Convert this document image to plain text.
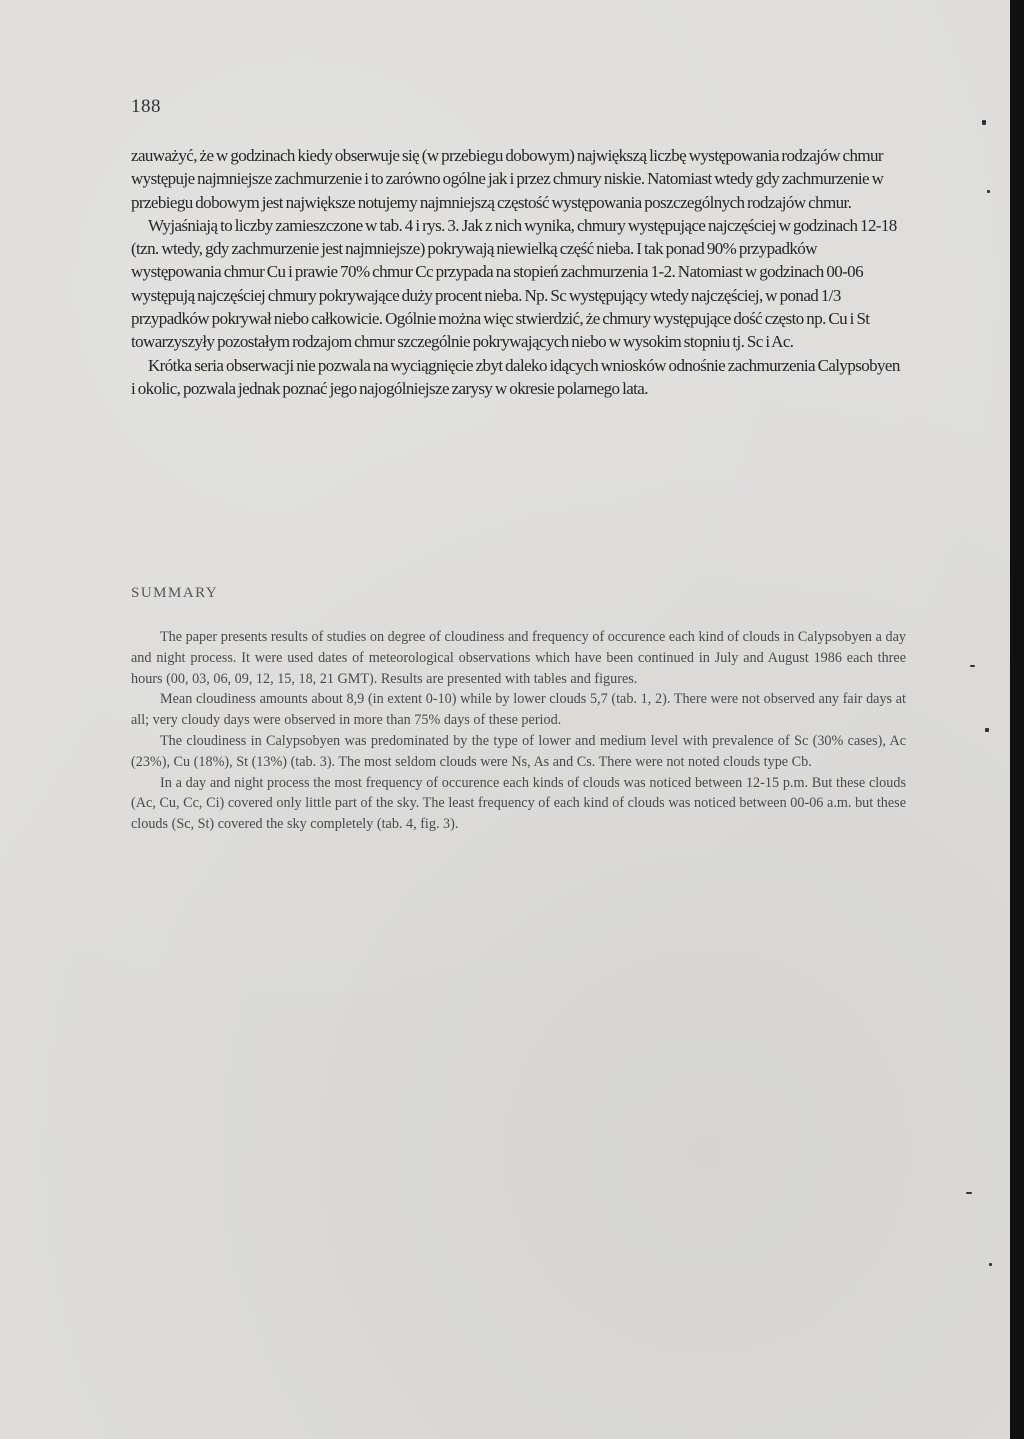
188

zauważyć, że w godzinach kiedy obserwuje się (w przebiegu dobowym) największą liczbę występowania rodzajów chmur występuje najmniejsze zachmurzenie i to zarówno ogólne jak i przez chmury niskie. Natomiast wtedy gdy zachmurzenie w przebiegu dobowym jest największe notujemy najmniejszą częstość występowania poszczególnych rodzajów chmur.

Wyjaśniają to liczby zamieszczone w tab. 4 i rys. 3. Jak z nich wynika, chmury występujące najczęściej w godzinach 12-18 (tzn. wtedy, gdy zachmurzenie jest najmniejsze) pokrywają niewielką część nieba. I tak ponad 90% przypadków występowania chmur Cu i prawie 70% chmur Cc przypada na stopień zachmurzenia 1-2. Natomiast w godzinach 00-06 występują najczęściej chmury pokrywające duży procent nieba. Np. Sc występujący wtedy najczęściej, w ponad 1/3 przypadków pokrywał niebo całkowicie. Ogólnie można więc stwierdzić, że chmury występujące dość często np. Cu i St towarzyszyły pozostałym rodzajom chmur szczególnie pokrywających niebo w wysokim stopniu tj. Sc i Ac.

Krótka seria obserwacji nie pozwala na wyciągnięcie zbyt daleko idących wniosków odnośnie zachmurzenia Calypsobyen i okolic, pozwala jednak poznać jego najogólniejsze zarysy w okresie polarnego lata.

SUMMARY

The paper presents results of studies on degree of cloudiness and frequency of occurence each kind of clouds in Calypsobyen a day and night process. It were used dates of meteorological observations which have been continued in July and August 1986 each three hours (00, 03, 06, 09, 12, 15, 18, 21 GMT). Results are presented with tables and figures.

Mean cloudiness amounts about 8,9 (in extent 0-10) while by lower clouds 5,7 (tab. 1, 2). There were not observed any fair days at all; very cloudy days were observed in more than 75% days of these period.

The cloudiness in Calypsobyen was predominated by the type of lower and medium level with prevalence of Sc (30% cases), Ac (23%), Cu (18%), St (13%) (tab. 3). The most seldom clouds were Ns, As and Cs. There were not noted clouds type Cb.

In a day and night process the most frequency of occurence each kinds of clouds was noticed between 12-15 p.m. But these clouds (Ac, Cu, Cc, Ci) covered only little part of the sky. The least frequency of each kind of clouds was noticed between 00-06 a.m. but these clouds (Sc, St) covered the sky completely (tab. 4, fig. 3).
